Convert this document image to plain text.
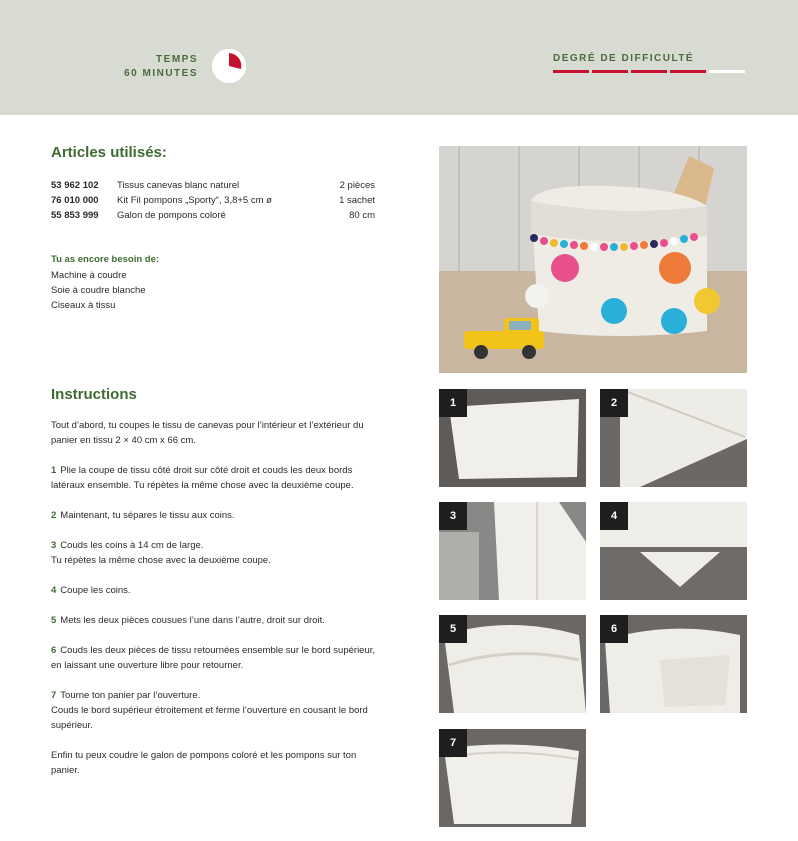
TEMPS
60 MINUTES
DEGRÉ DE DIFFICULTÉ
Articles utilisés:
53 962 102	Tissus canevas blanc naturel	2 pièces
76 010 000	Kit Fil pompons „Sporty“, 3,8+5 cm ø	1 sachet
55 853 999	Galon de pompons coloré	80 cm
Tu as encore besoin de:
Machine à coudre
Soie à coudre blanche
Ciseaux à tissu
Instructions

Tout d’abord, tu coupes le tissu de canevas pour l’intérieur et l’extérieur du panier en tissu 2 × 40 cm x 66 cm.

1 Plie la coupe de tissu côté droit sur côté droit et couds les deux bords latéraux ensemble. Tu répètes la même chose avec la deuxième coupe.

2 Maintenant, tu sépares le tissu aux coins.

3 Couds les coins à 14 cm de large.
Tu répètes la même chose avec la deuxième coupe.

4 Coupe les coins.

5 Mets les deux pièces cousues l’une dans l’autre, droit sur droit.

6 Couds les deux pièces de tissu retournées ensemble sur le bord supérieur, en laissant une ouverture libre pour retourner.

7 Tourne ton panier par l’ouverture.
Couds le bord supérieur étroitement et ferme l’ouverture en cousant le bord supérieur.

Enfin tu peux coudre le galon de pompons coloré et les pompons sur ton panier.

1	2
3	4
5	6
7
